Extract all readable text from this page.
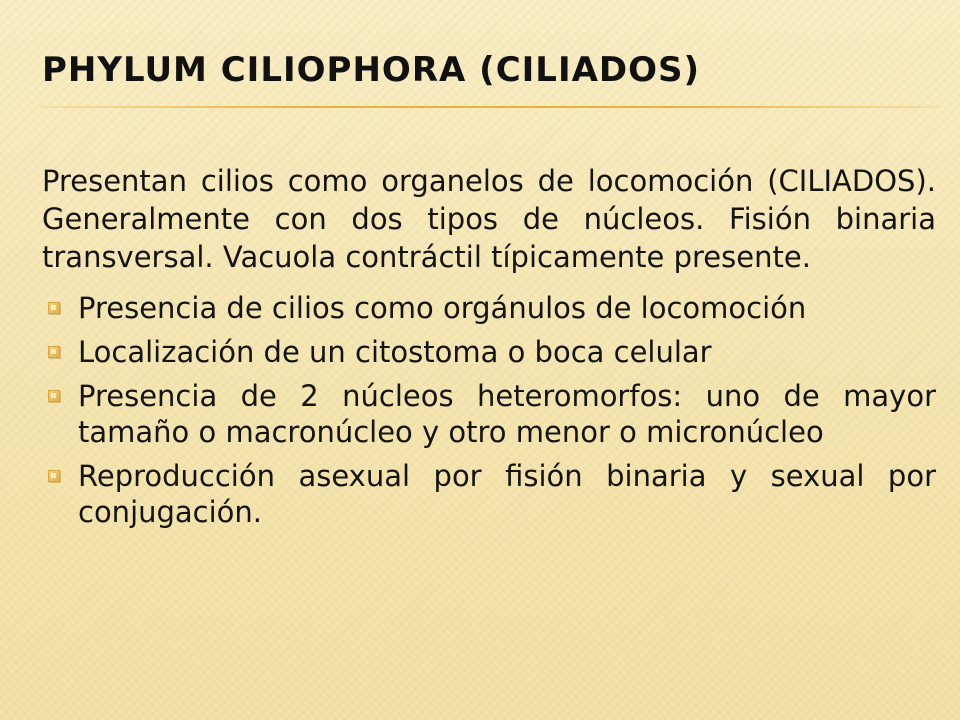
PHYLUM CILIOPHORA (CILIADOS)

Presentan cilios como organelos de locomoción (CILIADOS). Generalmente con dos tipos de núcleos. Fisión binaria transversal. Vacuola contráctil típicamente presente.

Presencia de cilios como orgánulos de locomoción
Localización de un citostoma o boca celular
Presencia de 2 núcleos heteromorfos: uno de mayor tamaño o macronúcleo y otro menor o micronúcleo
Reproducción asexual por fisión binaria y sexual por conjugación.
